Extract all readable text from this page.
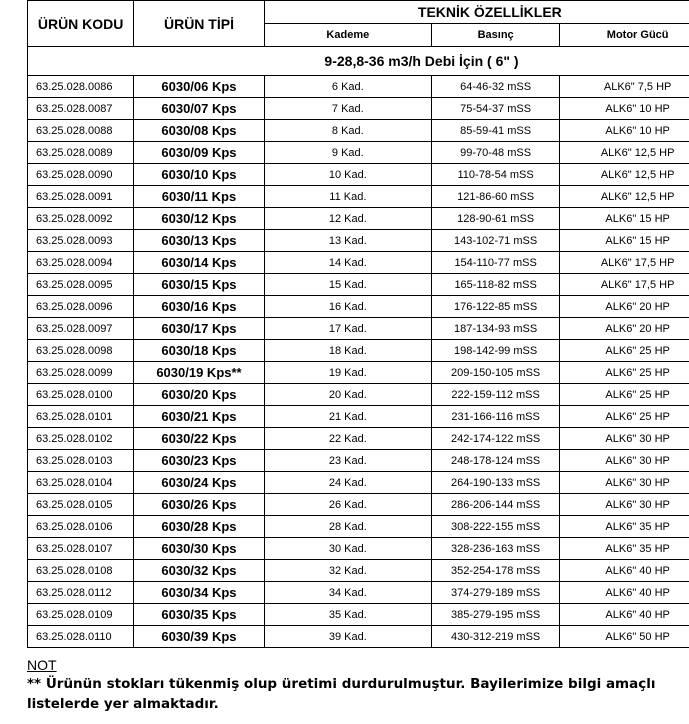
ÜRÜN KODU	ÜRÜN TİPİ	TEKNİK ÖZELLİKLER		
		Kademe	Basınç	Motor Gücü
9-28,8-36 m3/h Debi İçin ( 6" )				
63.25.028.0086	6030/06 Kps	6 Kad.	64-46-32 mSS	ALK6" 7,5 HP
63.25.028.0087	6030/07 Kps	7 Kad.	75-54-37 mSS	ALK6" 10 HP
63.25.028.0088	6030/08 Kps	8 Kad.	85-59-41 mSS	ALK6" 10 HP
63.25.028.0089	6030/09 Kps	9 Kad.	99-70-48 mSS	ALK6" 12,5 HP
63.25.028.0090	6030/10 Kps	10 Kad.	110-78-54 mSS	ALK6" 12,5 HP
63.25.028.0091	6030/11 Kps	11 Kad.	121-86-60 mSS	ALK6" 12,5 HP
63.25.028.0092	6030/12 Kps	12 Kad.	128-90-61 mSS	ALK6" 15 HP
63.25.028.0093	6030/13 Kps	13 Kad.	143-102-71 mSS	ALK6" 15 HP
63.25.028.0094	6030/14 Kps	14 Kad.	154-110-77 mSS	ALK6" 17,5 HP
63.25.028.0095	6030/15 Kps	15 Kad.	165-118-82 mSS	ALK6" 17,5 HP
63.25.028.0096	6030/16 Kps	16 Kad.	176-122-85 mSS	ALK6" 20 HP
63.25.028.0097	6030/17 Kps	17 Kad.	187-134-93 mSS	ALK6" 20 HP
63.25.028.0098	6030/18 Kps	18 Kad.	198-142-99 mSS	ALK6" 25 HP
63.25.028.0099	6030/19 Kps**	19 Kad.	209-150-105 mSS	ALK6" 25 HP
63.25.028.0100	6030/20 Kps	20 Kad.	222-159-112 mSS	ALK6" 25 HP
63.25.028.0101	6030/21 Kps	21 Kad.	231-166-116 mSS	ALK6" 25 HP
63.25.028.0102	6030/22 Kps	22 Kad.	242-174-122 mSS	ALK6" 30 HP
63.25.028.0103	6030/23 Kps	23 Kad.	248-178-124 mSS	ALK6" 30 HP
63.25.028.0104	6030/24 Kps	24 Kad.	264-190-133 mSS	ALK6" 30 HP
63.25.028.0105	6030/26 Kps	26 Kad.	286-206-144 mSS	ALK6" 30 HP
63.25.028.0106	6030/28 Kps	28 Kad.	308-222-155 mSS	ALK6" 35 HP
63.25.028.0107	6030/30 Kps	30 Kad.	328-236-163 mSS	ALK6" 35 HP
63.25.028.0108	6030/32 Kps	32 Kad.	352-254-178 mSS	ALK6" 40 HP
63.25.028.0112	6030/34 Kps	34 Kad.	374-279-189 mSS	ALK6" 40 HP
63.25.028.0109	6030/35 Kps	35 Kad.	385-279-195 mSS	ALK6" 40 HP
63.25.028.0110	6030/39 Kps	39 Kad.	430-312-219 mSS	ALK6" 50 HP

NOT

** Ürünün stokları tükenmiş olup üretimi durdurulmuştur. Bayilerimize bilgi amaçlı listelerde yer almaktadır.
